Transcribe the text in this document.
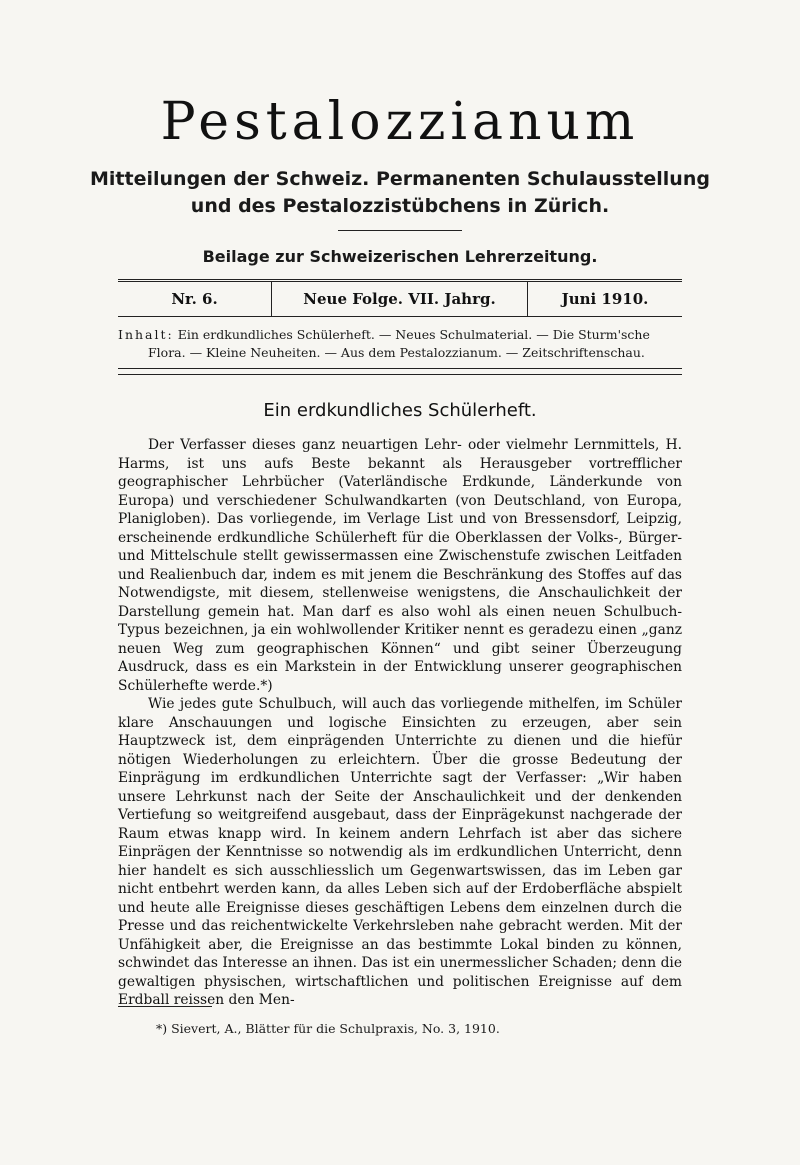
Pestalozzianum
Mitteilungen der Schweiz. Permanenten Schulausstellung
und des Pestalozzistübchens in Zürich.
Beilage zur Schweizerischen Lehrerzeitung.
Nr. 6.	Neue Folge. VII. Jahrg.	Juni 1910.
Inhalt: Ein erdkundliches Schülerheft. — Neues Schulmaterial. — Die Sturm'sche
Flora. — Kleine Neuheiten. — Aus dem Pestalozzianum. — Zeitschriftenschau.
Ein erdkundliches Schülerheft.

Der Verfasser dieses ganz neuartigen Lehr- oder vielmehr Lernmittels, H. Harms, ist uns aufs Beste bekannt als Herausgeber vortrefflicher geographischer Lehrbücher (Vaterländische Erdkunde, Länderkunde von Europa) und verschiedener Schulwandkarten (von Deutschland, von Europa, Planigloben). Das vorliegende, im Verlage List und von Bressensdorf, Leipzig, erscheinende erdkundliche Schülerheft für die Oberklassen der Volks-, Bürger- und Mittelschule stellt gewissermassen eine Zwischenstufe zwischen Leitfaden und Realienbuch dar, indem es mit jenem die Beschränkung des Stoffes auf das Notwendigste, mit diesem, stellenweise wenigstens, die Anschaulichkeit der Darstellung gemein hat. Man darf es also wohl als einen neuen Schulbuch-Typus bezeichnen, ja ein wohlwollender Kritiker nennt es geradezu einen „ganz neuen Weg zum geographischen Können“ und gibt seiner Überzeugung Ausdruck, dass es ein Markstein in der Entwicklung unserer geographischen Schülerhefte werde.*)

Wie jedes gute Schulbuch, will auch das vorliegende mithelfen, im Schüler klare Anschauungen und logische Einsichten zu erzeugen, aber sein Hauptzweck ist, dem einprägenden Unterrichte zu dienen und die hiefür nötigen Wiederholungen zu erleichtern. Über die grosse Bedeutung der Einprägung im erdkundlichen Unterrichte sagt der Verfasser: „Wir haben unsere Lehrkunst nach der Seite der Anschaulichkeit und der denkenden Vertiefung so weitgreifend ausgebaut, dass der Einprägekunst nachgerade der Raum etwas knapp wird. In keinem andern Lehrfach ist aber das sichere Einprägen der Kenntnisse so notwendig als im erdkundlichen Unterricht, denn hier handelt es sich ausschliesslich um Gegenwartswissen, das im Leben gar nicht entbehrt werden kann, da alles Leben sich auf der Erdoberfläche abspielt und heute alle Ereignisse dieses geschäftigen Lebens dem einzelnen durch die Presse und das reichentwickelte Verkehrsleben nahe gebracht werden. Mit der Unfähigkeit aber, die Ereignisse an das bestimmte Lokal binden zu können, schwindet das Interesse an ihnen. Das ist ein unermesslicher Schaden; denn die gewaltigen physischen, wirtschaftlichen und politischen Ereignisse auf dem Erdball reissen den Men-

*) Sievert, A., Blätter für die Schulpraxis, No. 3, 1910.
